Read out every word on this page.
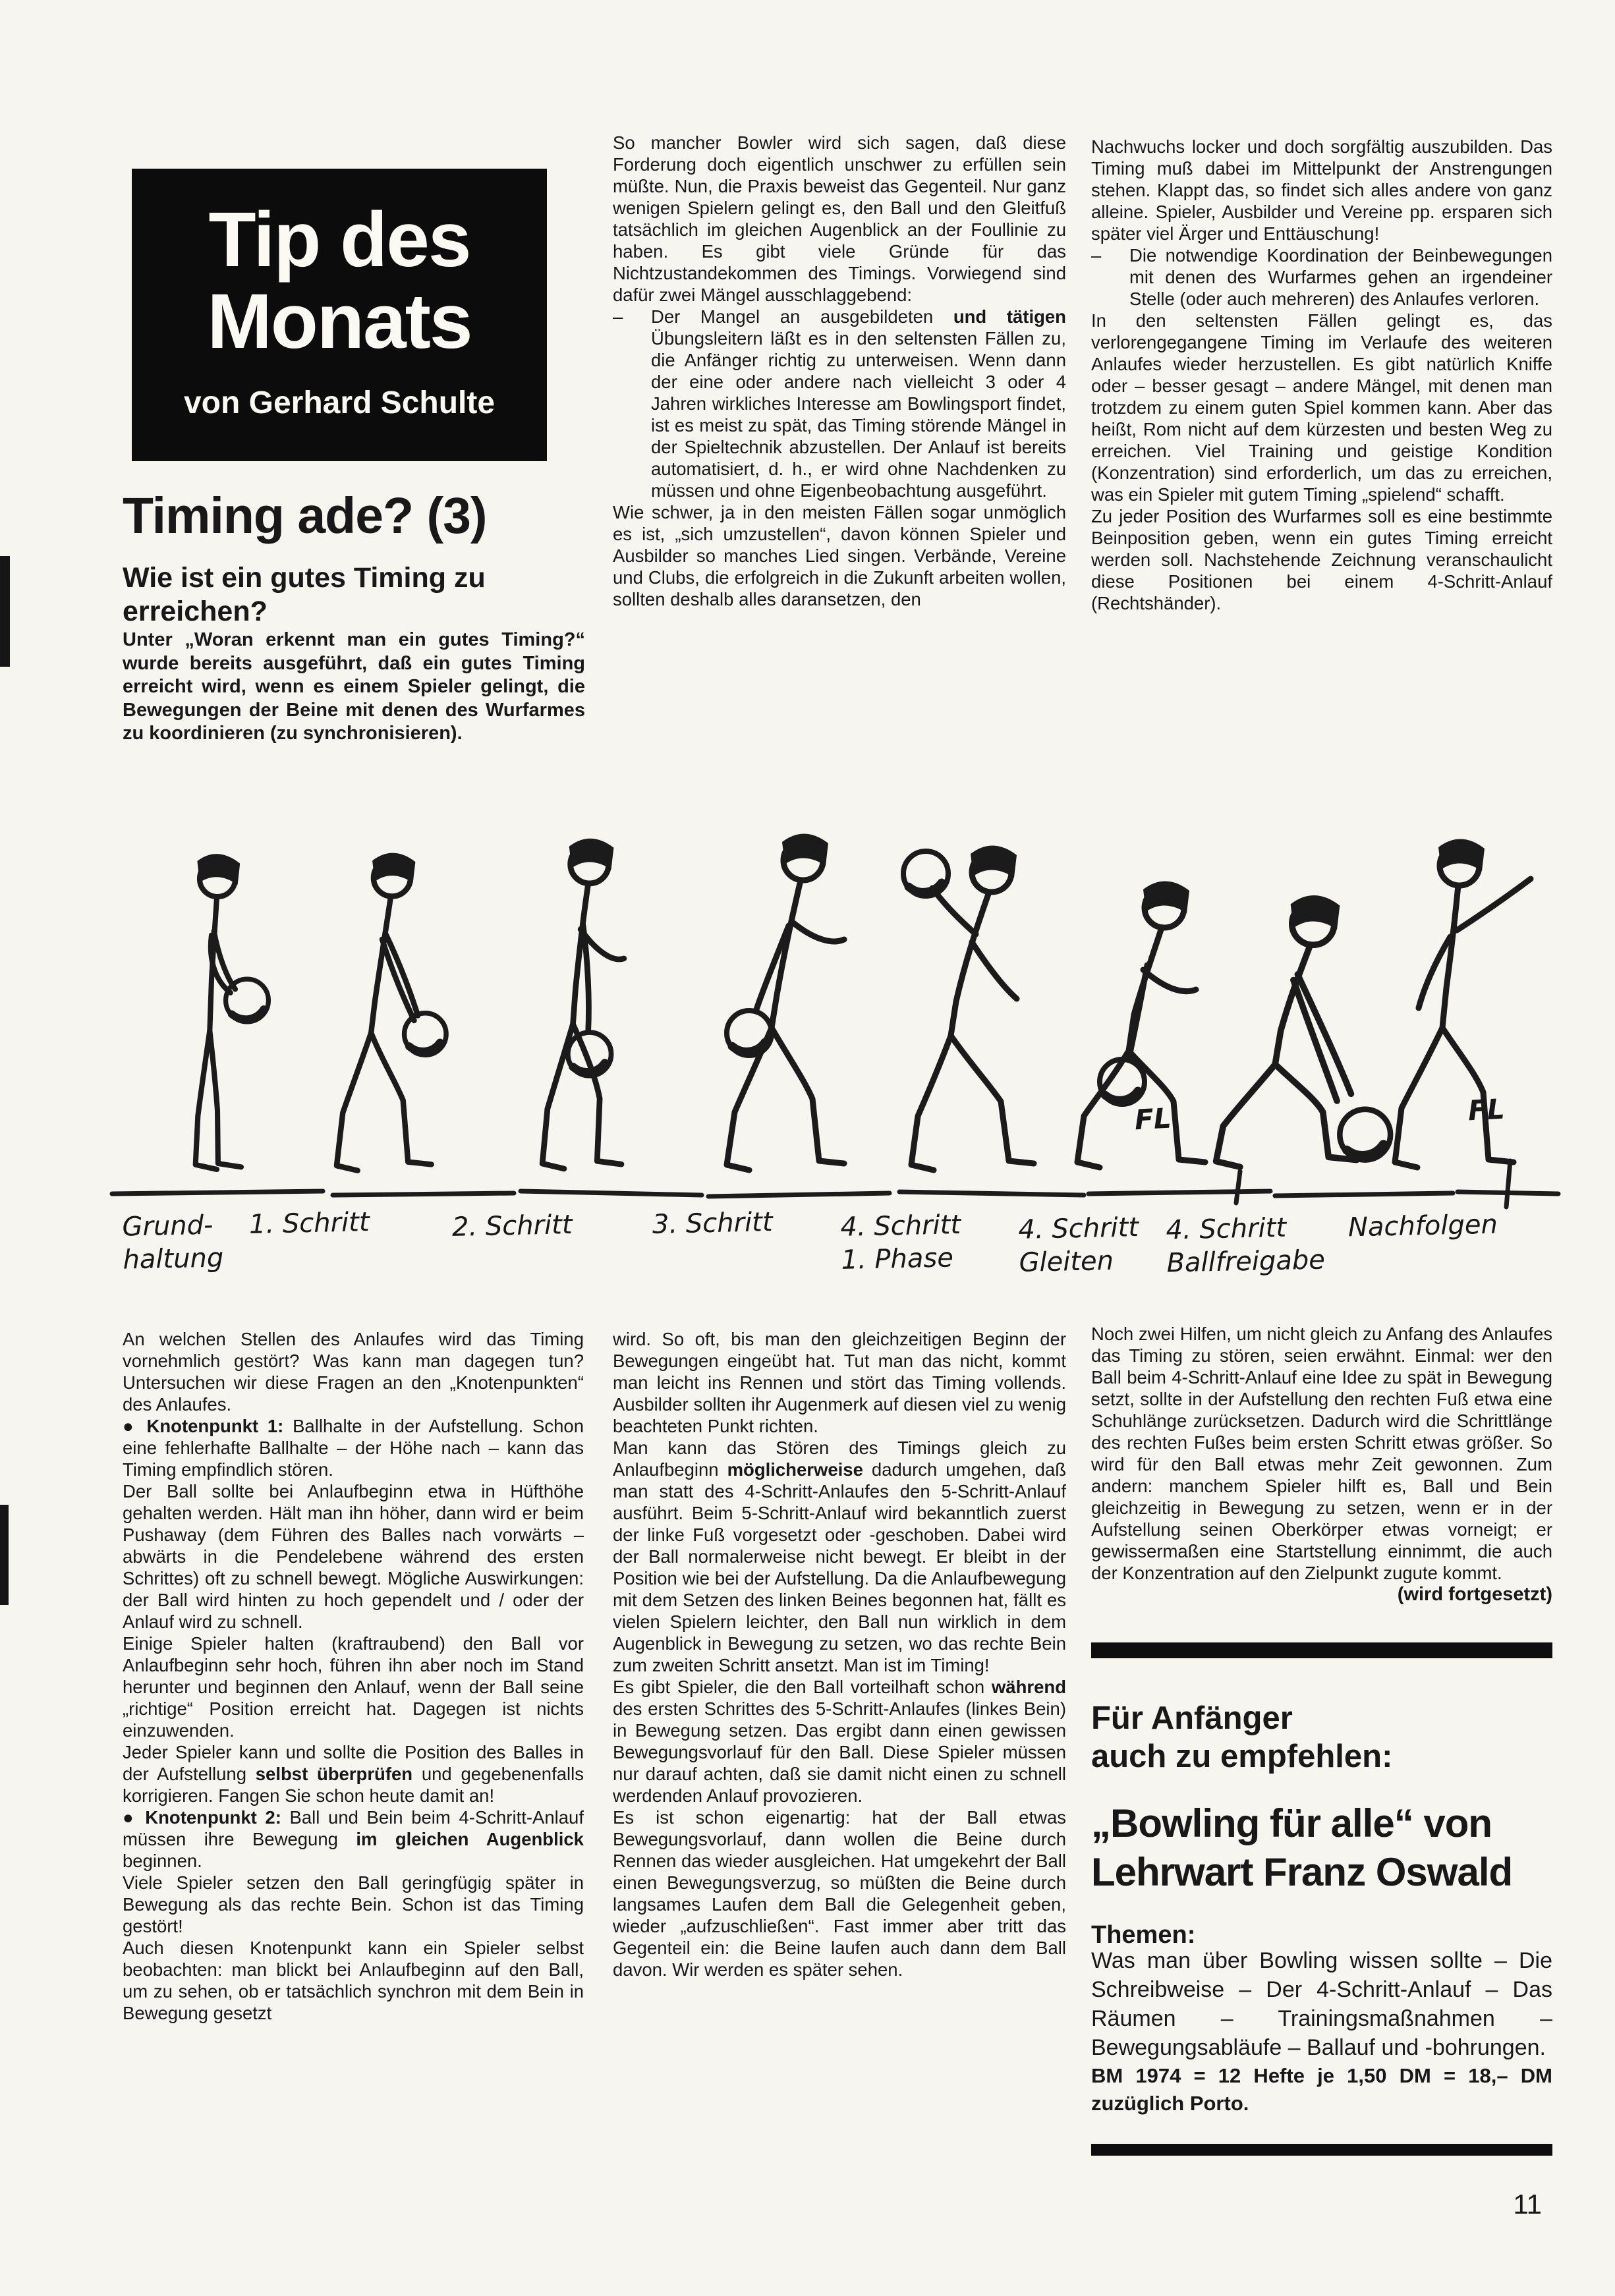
Tip des
Monats
von Gerhard Schulte
Timing ade? (3)
Wie ist ein gutes Timing zu erreichen?

Unter „Woran erkennt man ein gutes Timing?“ wurde bereits ausgeführt, daß ein gutes Timing erreicht wird, wenn es einem Spieler gelingt, die Bewegungen der Beine mit denen des Wurfarmes zu koordinieren (zu synchronisieren).

So mancher Bowler wird sich sagen, daß diese Forderung doch eigentlich unschwer zu erfüllen sein müßte. Nun, die Praxis beweist das Gegenteil. Nur ganz wenigen Spielern gelingt es, den Ball und den Gleitfuß tatsächlich im gleichen Augenblick an der Foullinie zu haben. Es gibt viele Gründe für das Nichtzustandekommen des Timings. Vorwiegend sind dafür zwei Mängel ausschlaggebend:

–	Der Mangel an ausgebildeten und tätigen Übungsleitern läßt es in den seltensten Fällen zu, die Anfänger richtig zu unterweisen. Wenn dann der eine oder andere nach vielleicht 3 oder 4 Jahren wirkliches Interesse am Bowlingsport findet, ist es meist zu spät, das Timing störende Mängel in der Spieltechnik abzustellen. Der Anlauf ist bereits automatisiert, d. h., er wird ohne Nachdenken zu müssen und ohne Eigenbeobachtung ausgeführt.

Wie schwer, ja in den meisten Fällen sogar unmöglich es ist, „sich umzustellen“, davon können Spieler und Ausbilder so manches Lied singen. Verbände, Vereine und Clubs, die erfolgreich in die Zukunft arbeiten wollen, sollten deshalb alles daransetzen, den

Nachwuchs locker und doch sorgfältig auszubilden. Das Timing muß dabei im Mittelpunkt der Anstrengungen stehen. Klappt das, so findet sich alles andere von ganz alleine. Spieler, Ausbilder und Vereine pp. ersparen sich später viel Ärger und Enttäuschung!

–	Die notwendige Koordination der Beinbewegungen mit denen des Wurfarmes gehen an irgendeiner Stelle (oder auch mehreren) des Anlaufes verloren.

In den seltensten Fällen gelingt es, das verlorengegangene Timing im Verlaufe des weiteren Anlaufes wieder herzustellen. Es gibt natürlich Kniffe oder – besser gesagt – andere Mängel, mit denen man trotzdem zu einem guten Spiel kommen kann. Aber das heißt, Rom nicht auf dem kürzesten und besten Weg zu erreichen. Viel Training und geistige Kondition (Konzentration) sind erforderlich, um das zu erreichen, was ein Spieler mit gutem Timing „spielend“ schafft.

Zu jeder Position des Wurfarmes soll es eine bestimmte Beinposition geben, wenn ein gutes Timing erreicht werden soll. Nachstehende Zeichnung veranschaulicht diese Positionen bei einem 4-Schritt-Anlauf (Rechtshänder).

FL	FL
Grund-
haltung
1. Schritt	2. Schritt	3. Schritt	4. Schritt
1. Phase
4. Schritt
Gleiten
4. Schritt
Ballfreigabe
Nachfolgen

An welchen Stellen des Anlaufes wird das Timing vornehmlich gestört? Was kann man dagegen tun? Untersuchen wir diese Fragen an den „Knotenpunkten“ des Anlaufes.

● Knotenpunkt 1: Ballhalte in der Aufstellung. Schon eine fehlerhafte Ballhalte – der Höhe nach – kann das Timing empfindlich stören.

Der Ball sollte bei Anlaufbeginn etwa in Hüfthöhe gehalten werden. Hält man ihn höher, dann wird er beim Pushaway (dem Führen des Balles nach vorwärts – abwärts in die Pendelebene während des ersten Schrittes) oft zu schnell bewegt. Mögliche Auswirkungen: der Ball wird hinten zu hoch gependelt und / oder der Anlauf wird zu schnell.

Einige Spieler halten (kraftraubend) den Ball vor Anlaufbeginn sehr hoch, führen ihn aber noch im Stand herunter und beginnen den Anlauf, wenn der Ball seine „richtige“ Position erreicht hat. Dagegen ist nichts einzuwenden.

Jeder Spieler kann und sollte die Position des Balles in der Aufstellung selbst überprüfen und gegebenenfalls korrigieren. Fangen Sie schon heute damit an!

● Knotenpunkt 2: Ball und Bein beim 4-Schritt-Anlauf müssen ihre Bewegung im gleichen Augenblick beginnen.

Viele Spieler setzen den Ball geringfügig später in Bewegung als das rechte Bein. Schon ist das Timing gestört!

Auch diesen Knotenpunkt kann ein Spieler selbst beobachten: man blickt bei Anlaufbeginn auf den Ball, um zu sehen, ob er tatsächlich synchron mit dem Bein in Bewegung gesetzt

wird. So oft, bis man den gleichzeitigen Beginn der Bewegungen eingeübt hat. Tut man das nicht, kommt man leicht ins Rennen und stört das Timing vollends. Ausbilder sollten ihr Augenmerk auf diesen viel zu wenig beachteten Punkt richten.

Man kann das Stören des Timings gleich zu Anlaufbeginn möglicherweise dadurch umgehen, daß man statt des 4-Schritt-Anlaufes den 5-Schritt-Anlauf ausführt. Beim 5-Schritt-Anlauf wird bekanntlich zuerst der linke Fuß vorgesetzt oder -geschoben. Dabei wird der Ball normalerweise nicht bewegt. Er bleibt in der Position wie bei der Aufstellung. Da die Anlaufbewegung mit dem Setzen des linken Beines begonnen hat, fällt es vielen Spielern leichter, den Ball nun wirklich in dem Augenblick in Bewegung zu setzen, wo das rechte Bein zum zweiten Schritt ansetzt. Man ist im Timing!

Es gibt Spieler, die den Ball vorteilhaft schon während des ersten Schrittes des 5-Schritt-Anlaufes (linkes Bein) in Bewegung setzen. Das ergibt dann einen gewissen Bewegungsvorlauf für den Ball. Diese Spieler müssen nur darauf achten, daß sie damit nicht einen zu schnell werdenden Anlauf provozieren.

Es ist schon eigenartig: hat der Ball etwas Bewegungsvorlauf, dann wollen die Beine durch Rennen das wieder ausgleichen. Hat umgekehrt der Ball einen Bewegungsverzug, so müßten die Beine durch langsames Laufen dem Ball die Gelegenheit geben, wieder „aufzuschließen“. Fast immer aber tritt das Gegenteil ein: die Beine laufen auch dann dem Ball davon. Wir werden es später sehen.

Noch zwei Hilfen, um nicht gleich zu Anfang des Anlaufes das Timing zu stören, seien erwähnt. Einmal: wer den Ball beim 4-Schritt-Anlauf eine Idee zu spät in Bewegung setzt, sollte in der Aufstellung den rechten Fuß etwa eine Schuhlänge zurücksetzen. Dadurch wird die Schrittlänge des rechten Fußes beim ersten Schritt etwas größer. So wird für den Ball etwas mehr Zeit gewonnen. Zum andern: manchem Spieler hilft es, Ball und Bein gleichzeitig in Bewegung zu setzen, wenn er in der Aufstellung seinen Oberkörper etwas vorneigt; er gewissermaßen eine Startstellung einnimmt, die auch der Konzentration auf den Zielpunkt zugute kommt.

(wird fortgesetzt)

Für Anfänger
auch zu empfehlen:
„Bowling für alle“ von
Lehrwart Franz Oswald
Themen:

Was man über Bowling wissen sollte – Die Schreibweise – Der 4-Schritt-Anlauf – Das Räumen – Trainingsmaßnahmen – Bewegungsabläufe – Ballauf und -bohrungen.

BM 1974 = 12 Hefte je 1,50 DM = 18,– DM zuzüglich Porto.

11
